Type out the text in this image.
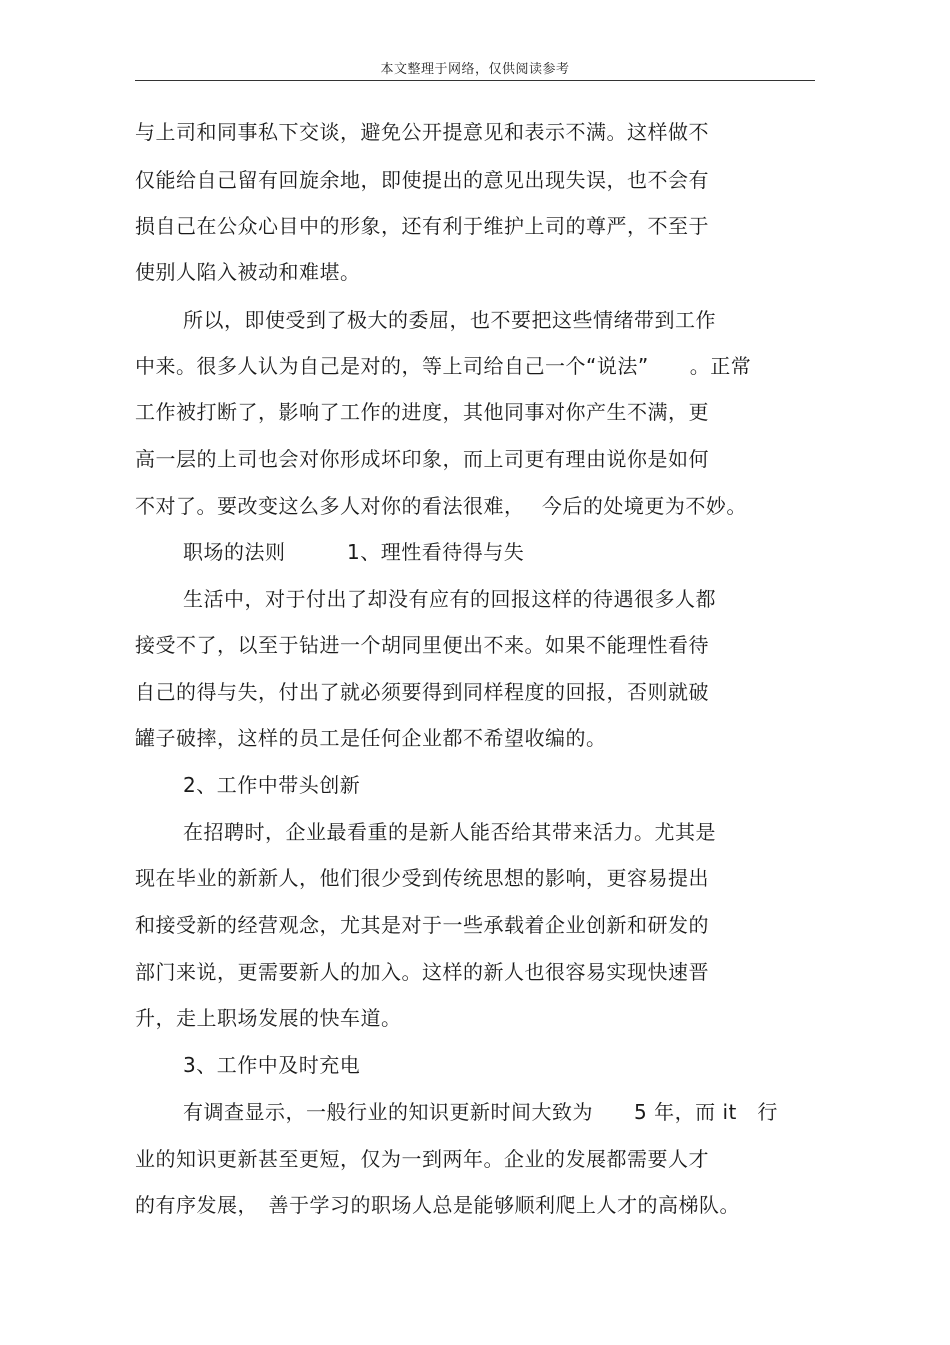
本文整理于网络，仅供阅读参考
与上司和同事私下交谈，避免公开提意见和表示不满。这样做不
仅能给自己留有回旋余地，即使提出的意见出现失误，也不会有
损自己在公众心目中的形象，还有利于维护上司的尊严，不至于
使别人陷入被动和难堪。
所以，即使受到了极大的委屈，也不要把这些情绪带到工作
中来。很多人认为自己是对的，等上司给自己一个“说法”　　。正常
工作被打断了，影响了工作的进度，其他同事对你产生不满，更
高一层的上司也会对你形成坏印象，而上司更有理由说你是如何
不对了。要改变这么多人对你的看法很难，　 今后的处境更为不妙。
职场的法则　　　1、理性看待得与失
生活中，对于付出了却没有应有的回报这样的待遇很多人都
接受不了，以至于钻进一个胡同里便出不来。如果不能理性看待
自己的得与失，付出了就必须要得到同样程度的回报，否则就破
罐子破摔，这样的员工是任何企业都不希望收编的。
2、工作中带头创新
在招聘时，企业最看重的是新人能否给其带来活力。尤其是
现在毕业的新新人，他们很少受到传统思想的影响，更容易提出
和接受新的经营观念，尤其是对于一些承载着企业创新和研发的
部门来说，更需要新人的加入。这样的新人也很容易实现快速晋
升，走上职场发展的快车道。
3、工作中及时充电
有调查显示，一般行业的知识更新时间大致为　　5 年，而 it　行
业的知识更新甚至更短，仅为一到两年。企业的发展都需要人才
的有序发展，　善于学习的职场人总是能够顺利爬上人才的高梯队。
